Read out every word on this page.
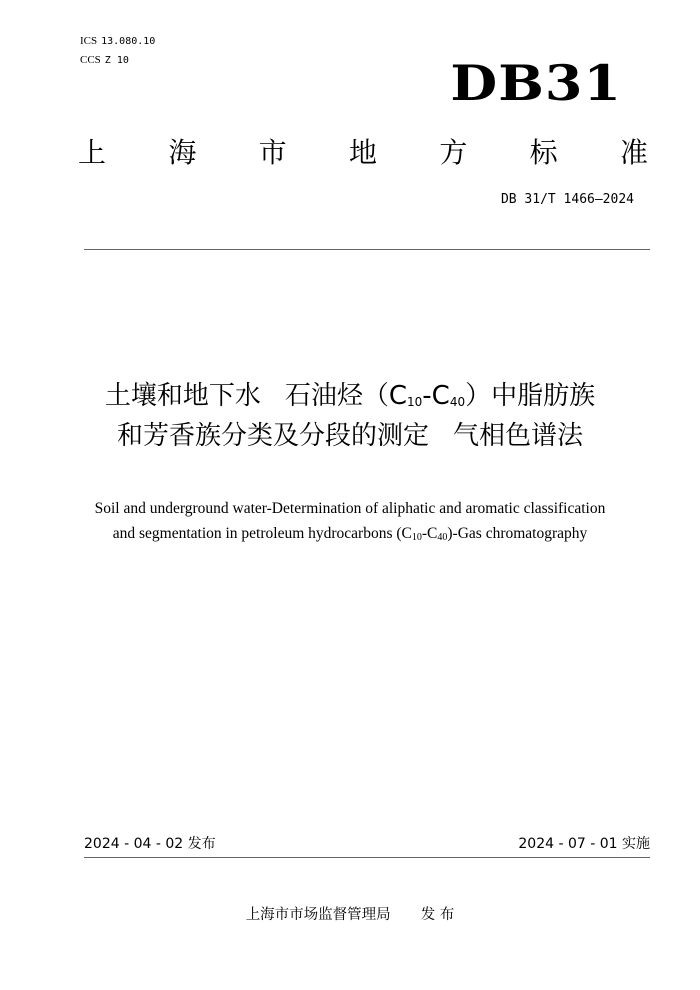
ICS 13.080.10
CCS Z 10	DB31
上 海 市 地 方 标 准
DB 31/T 1466—2024
土壤和地下水 石油烃$(C_{10}-C_{40})$中脂肪族
和芳香族分类及分段的测定 气相色谱法
Soil and underground water-Determination of aliphatic and aromatic classification
and segmentation in petroleum hydrocarbons $(C_{10}-C_{40})$-Gas chromatography
2024 - 04 - 02 发布	2024 - 07 - 01 实施
上海市市场监督管理局 发 布
